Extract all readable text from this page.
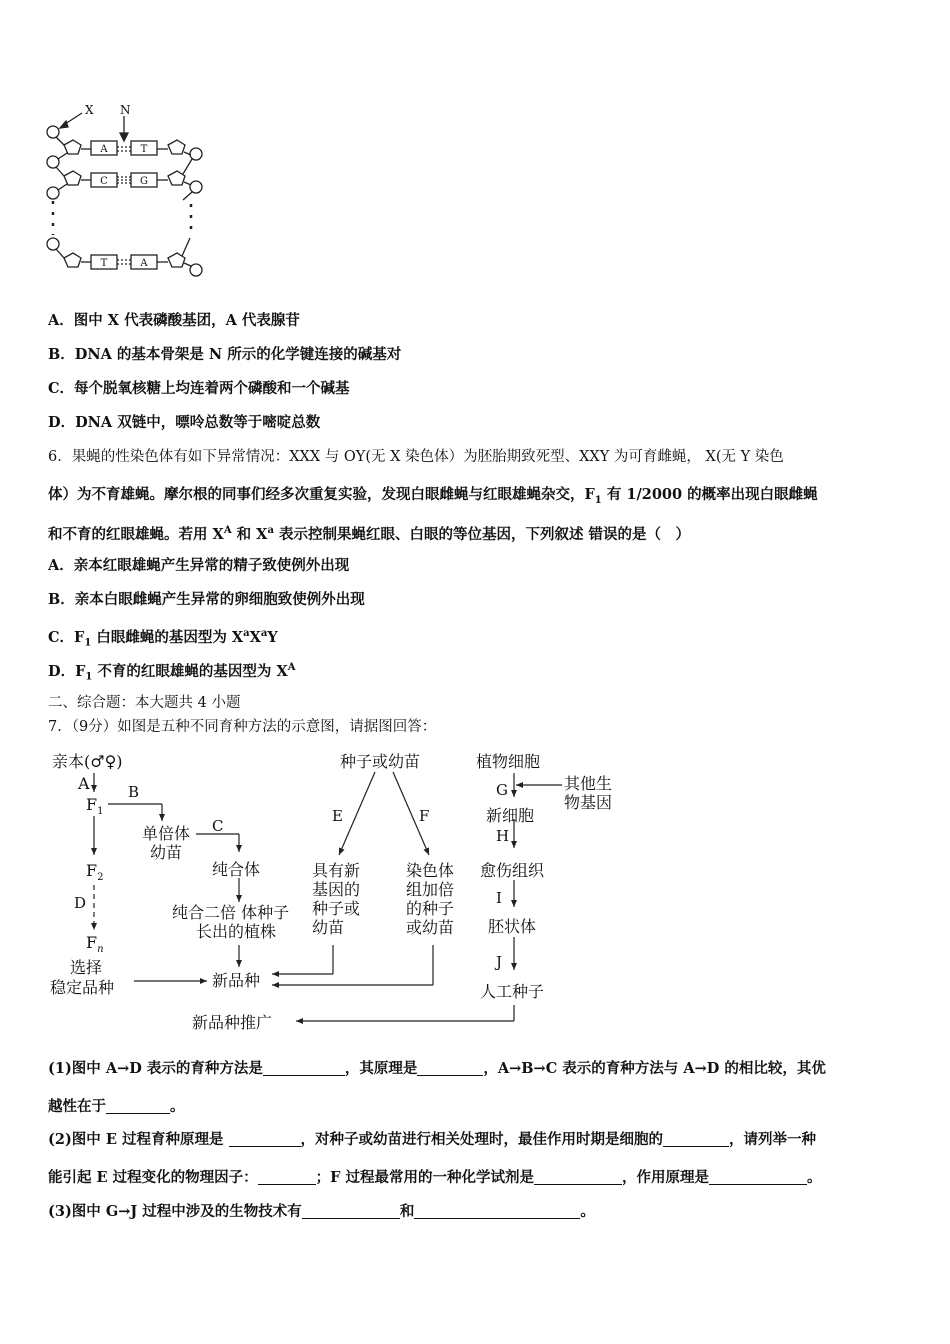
X N
A	T
C	G
T	A
A．图中 X 代表磷酸基团，A 代表腺苷
B．DNA 的基本骨架是 N 所示的化学键连接的碱基对
C．每个脱氧核糖上均连着两个磷酸和一个碱基
D．DNA 双链中，嘌呤总数等于嘧啶总数
6．果蝇的性染色体有如下异常情况：XXX 与 OY(无 X 染色体）为胚胎期致死型、XXY 为可育雌蝇， X(无 Y 染色
体）为不育雄蝇。摩尔根的同事们经多次重复实验，发现白眼雌蝇与红眼雄蝇杂交，$F_1$ 有 1/2000 的概率出现白眼雌蝇
和不育的红眼雄蝇。若用 $X^A$ 和 $X^a$ 表示控制果蝇红眼、白眼的等位基因，下列叙述 错误的是（　）
A．亲本红眼雄蝇产生异常的精子致使例外出现
B．亲本白眼雌蝇产生异常的卵细胞致使例外出现
C．$F_1$ 白眼雌蝇的基因型为 $X^aX^aY$
D．$F_1$ 不育的红眼雄蝇的基因型为 $X^A$
二、综合题：本大题共 4 小题
7．（9分）如图是五种不同育种方法的示意图，请据图回答：
亲本(♂♀)
A	B
$F_1$
单倍体
幼苗
C
$F_2$	纯合体
D	纯合二倍 体种子
长出的植株
$F_n$
选择
稳定品种	新品种
新品种推广
种子或幼苗
E	F
具有新
基因的
种子或
幼苗
染色体
组加倍
的种子
或幼苗
植物细胞
其他生
物基因
G
新细胞
H
愈伤组织
I
胚状体
J
人工种子
(1)图中 A→D 表示的育种方法是	，其原理是	，A→B→C 表示的育种方法与 A→D 的相比较，其优
越性在于	。
(2)图中 E 过程育种原理是	，对种子或幼苗进行相关处理时，最佳作用时期是细胞的	，请列举一种
能引起 E 过程变化的物理因子：	；F 过程最常用的一种化学试剂是	，作用原理是	。
(3)图中 G→J 过程中涉及的生物技术有	和	。
